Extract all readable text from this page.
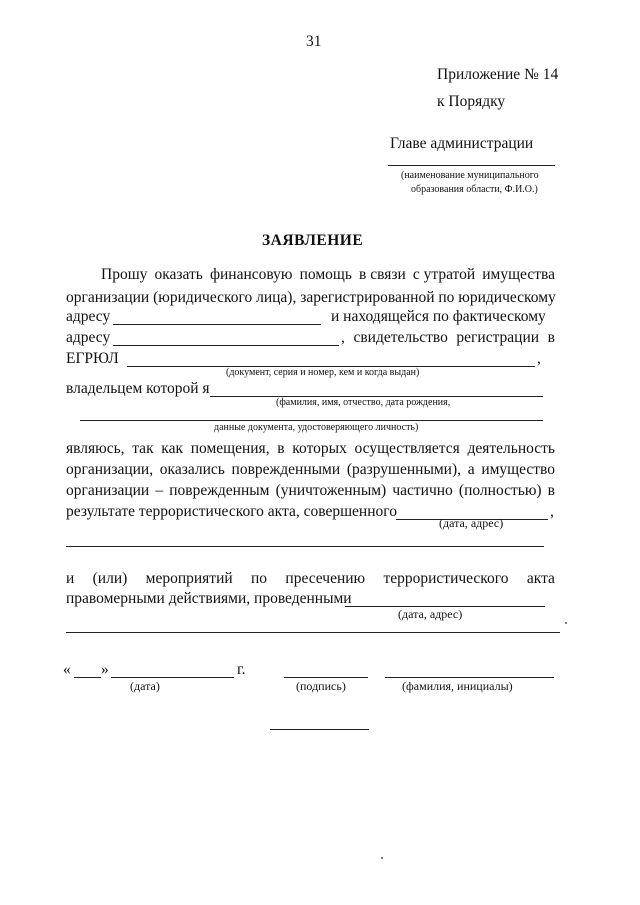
31
Приложение № 14
к Порядку
Главе администрации
(наименование муниципального
образования области, Ф.И.О.)
ЗАЯВЛЕНИЕ
Прошу оказать финансовую помощь в связи с утратой имущества
организации (юридического лица), зарегистрированной по юридическому
адресу	и находящейся по фактическому
адресу	, свидетельство регистрации в
ЕГРЮЛ	,
(документ, серия и номер, кем и когда выдан)
владельцем которой я
(фамилия, имя, отчество, дата рождения,
данные документа, удостоверяющего личность)
являюсь, так как помещения, в которых осуществляется деятельность
организации, оказались поврежденными (разрушенными), а имущество
организации – поврежденным (уничтоженным) частично (полностью) в
результате террористического акта, совершенного	,
(дата, адрес)
и (или) мероприятий по пресечению террористического акта
правомерными действиями, проведенными
(дата, адрес)
« »	г.
(дата)	(подпись)	(фамилия, инициалы)
